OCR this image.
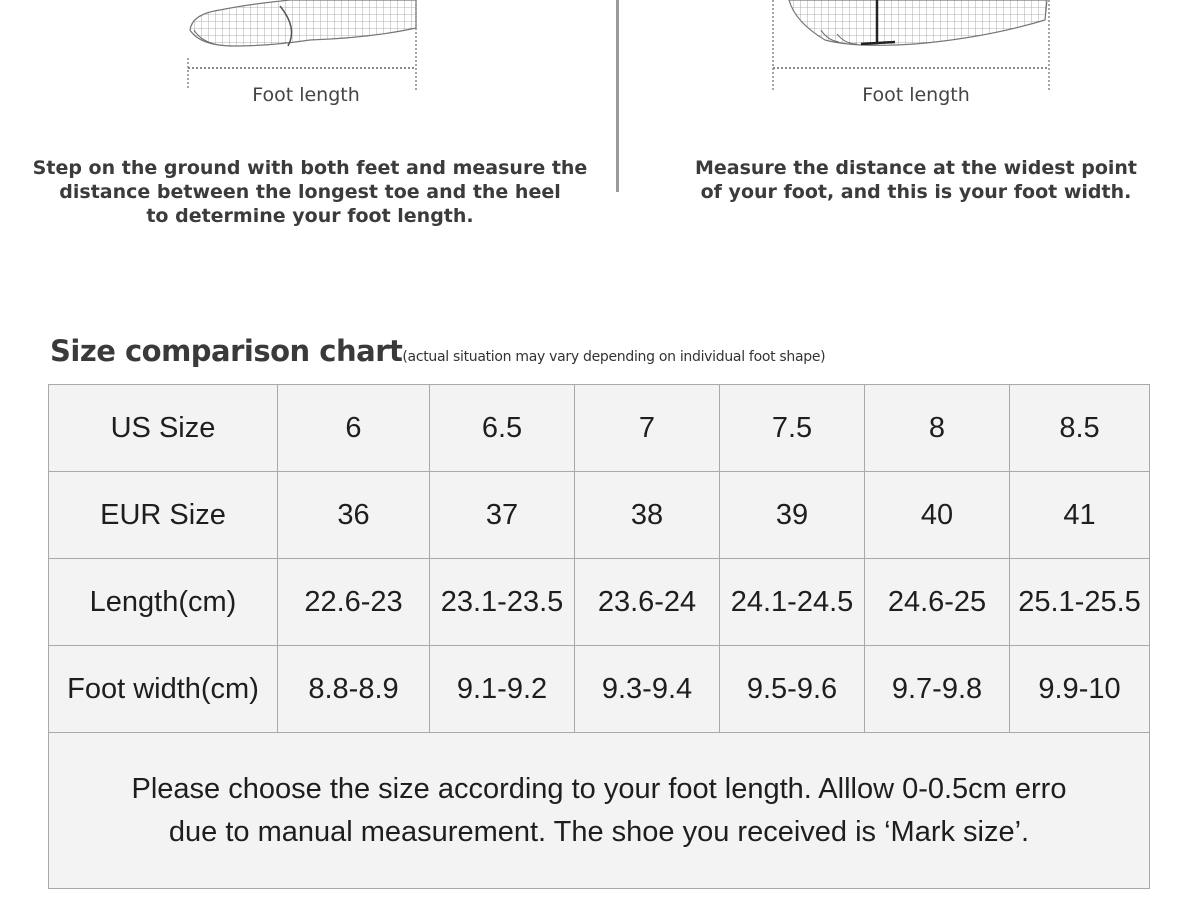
Foot length	Foot length
Step on the ground with both feet and measure the
distance between the longest toe and the heel
to determine your foot length.
Measure the distance at the widest point
of your foot, and this is your foot width.
Size comparison chart(actual situation may vary depending on individual foot shape)
US Size	6	6.5	7	7.5	8	8.5
EUR Size	36	37	38	39	40	41
Length(cm)	22.6-23	23.1-23.5	23.6-24	24.1-24.5	24.6-25	25.1-25.5
Foot width(cm)	8.8-8.9	9.1-9.2	9.3-9.4	9.5-9.6	9.7-9.8	9.9-10

Please choose the size according to your foot length. Alllow 0-0.5cm erro
due to manual measurement. The shoe you received is ‘Mark size’.						
